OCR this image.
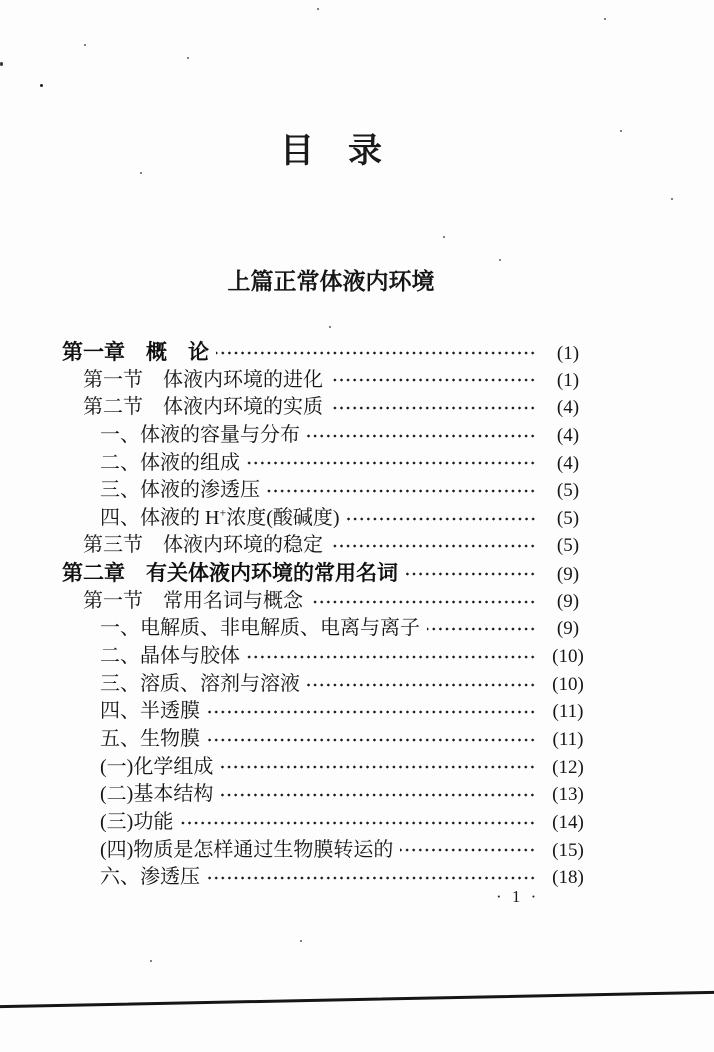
目　录
上篇正常体液内环境
第一章　概　论	(1)
第一节　体液内环境的进化	(1)
第二节　体液内环境的实质	(4)
一、体液的容量与分布	(4)
二、体液的组成	(4)
三、体液的渗透压	(5)
四、体液的 H+浓度(酸碱度)	(5)
第三节　体液内环境的稳定	(5)
第二章　有关体液内环境的常用名词	(9)
第一节　常用名词与概念	(9)
一、电解质、非电解质、电离与离子	(9)
二、晶体与胶体	(10)
三、溶质、溶剂与溶液	(10)
四、半透膜	(11)
五、生物膜	(11)
(一)化学组成	(12)
(二)基本结构	(13)
(三)功能	(14)
(四)物质是怎样通过生物膜转运的	(15)
六、渗透压	(18)
· 1 ·
